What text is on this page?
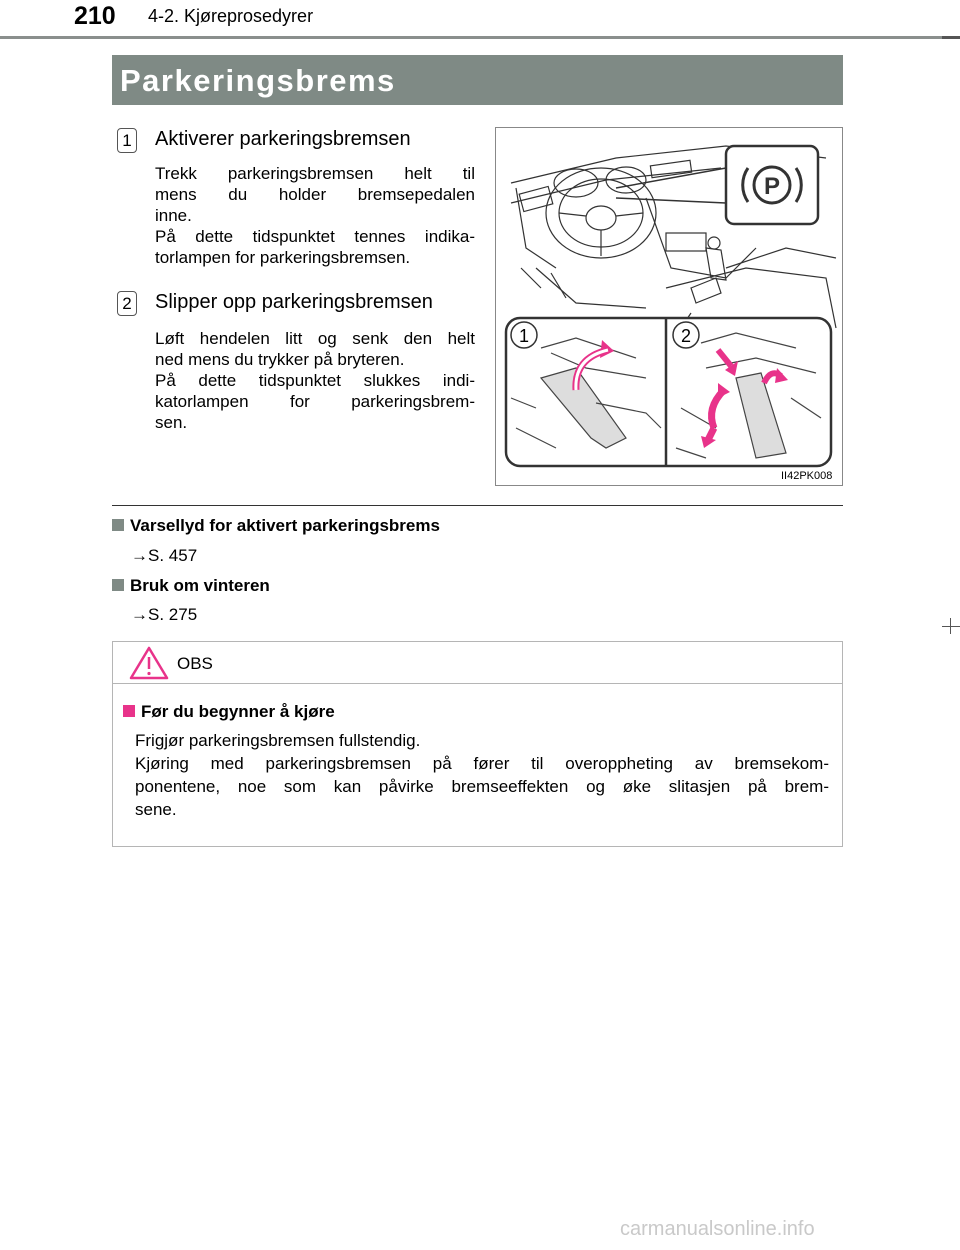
210 4-2. Kjøreprosedyrer
Parkeringsbrems
1 Aktiverer parkeringsbremsen
Trekk parkeringsbremsen helt til
mens du holder bremsepedalen
inne.
På dette tidspunktet tennes indika-
torlampen for parkeringsbremsen.
2 Slipper opp parkeringsbremsen
Løft hendelen litt og senk den helt
ned mens du trykker på bryteren.
På dette tidspunktet slukkes indi-
katorlampen for parkeringsbrem-
sen.
P
1	2
II42PK008
Varsellyd for aktivert parkeringsbrems
→S. 457
Bruk om vinteren
→S. 275
OBS
Før du begynner å kjøre
Frigjør parkeringsbremsen fullstendig.
Kjøring med parkeringsbremsen på fører til overoppheting av bremsekom-
ponentene, noe som kan påvirke bremseeffekten og øke slitasjen på brem-
sene.
carmanualsonline.info
